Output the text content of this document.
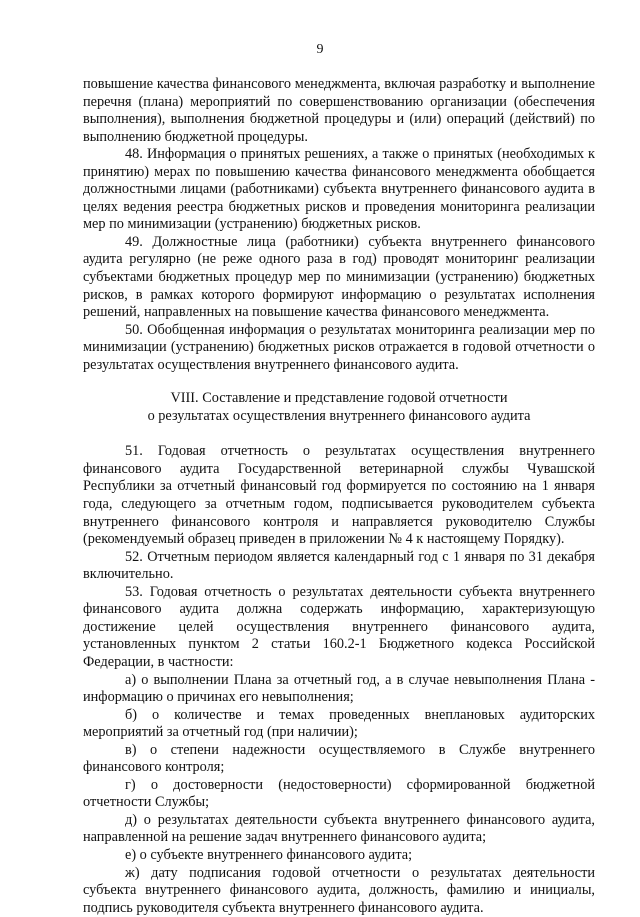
9

повышение качества финансового менеджмента, включая разработку и выполнение перечня (плана) мероприятий по совершенствованию организации (обеспечения выполнения), выполнения бюджетной процедуры и (или) операций (действий) по выполнению бюджетной процедуры.

48. Информация о принятых решениях, а также о принятых (необходимых к принятию) мерах по повышению качества финансового менеджмента обобщается должностными лицами (работниками) субъекта внутреннего финансового аудита в целях ведения реестра бюджетных рисков и проведения мониторинга реализации мер по минимизации (устранению) бюджетных рисков.

49. Должностные лица (работники) субъекта внутреннего финансового аудита регулярно (не реже одного раза в год) проводят мониторинг реализации субъектами бюджетных процедур мер по минимизации (устранению) бюджетных рисков, в рамках которого формируют информацию о результатах исполнения решений, направленных на повышение качества финансового менеджмента.

50. Обобщенная информация о результатах мониторинга реализации мер по минимизации (устранению) бюджетных рисков отражается в годовой отчетности о результатах осуществления внутреннего финансового аудита.

VIII. Составление и представление годовой отчетности
о результатах осуществления внутреннего финансового аудита

51. Годовая отчетность о результатах осуществления внутреннего финансового аудита Государственной ветеринарной службы Чувашской Республики за отчетный финансовый год формируется по состоянию на 1 января года, следующего за отчетным годом, подписывается руководителем субъекта внутреннего финансового контроля и направляется руководителю Службы (рекомендуемый образец приведен в приложении № 4 к настоящему Порядку).

52. Отчетным периодом является календарный год с 1 января по 31 декабря включительно.

53. Годовая отчетность о результатах деятельности субъекта внутреннего финансового аудита должна содержать информацию, характеризующую достижение целей осуществления внутреннего финансового аудита, установленных пунктом 2 статьи 160.2-1 Бюджетного кодекса Российской Федерации, в частности:

а) о выполнении Плана за отчетный год, а в случае невыполнения Плана - информацию о причинах его невыполнения;

б) о количестве и темах проведенных внеплановых аудиторских мероприятий за отчетный год (при наличии);

в) о степени надежности осуществляемого в Службе внутреннего финансового контроля;

г) о достоверности (недостоверности) сформированной бюджетной отчетности Службы;

д) о результатах деятельности субъекта внутреннего финансового аудита, направленной на решение задач внутреннего финансового аудита;

е) о субъекте внутреннего финансового аудита;

ж) дату подписания годовой отчетности о результатах деятельности субъекта внутреннего финансового аудита, должность, фамилию и инициалы, подпись руководителя субъекта внутреннего финансового аудита.
